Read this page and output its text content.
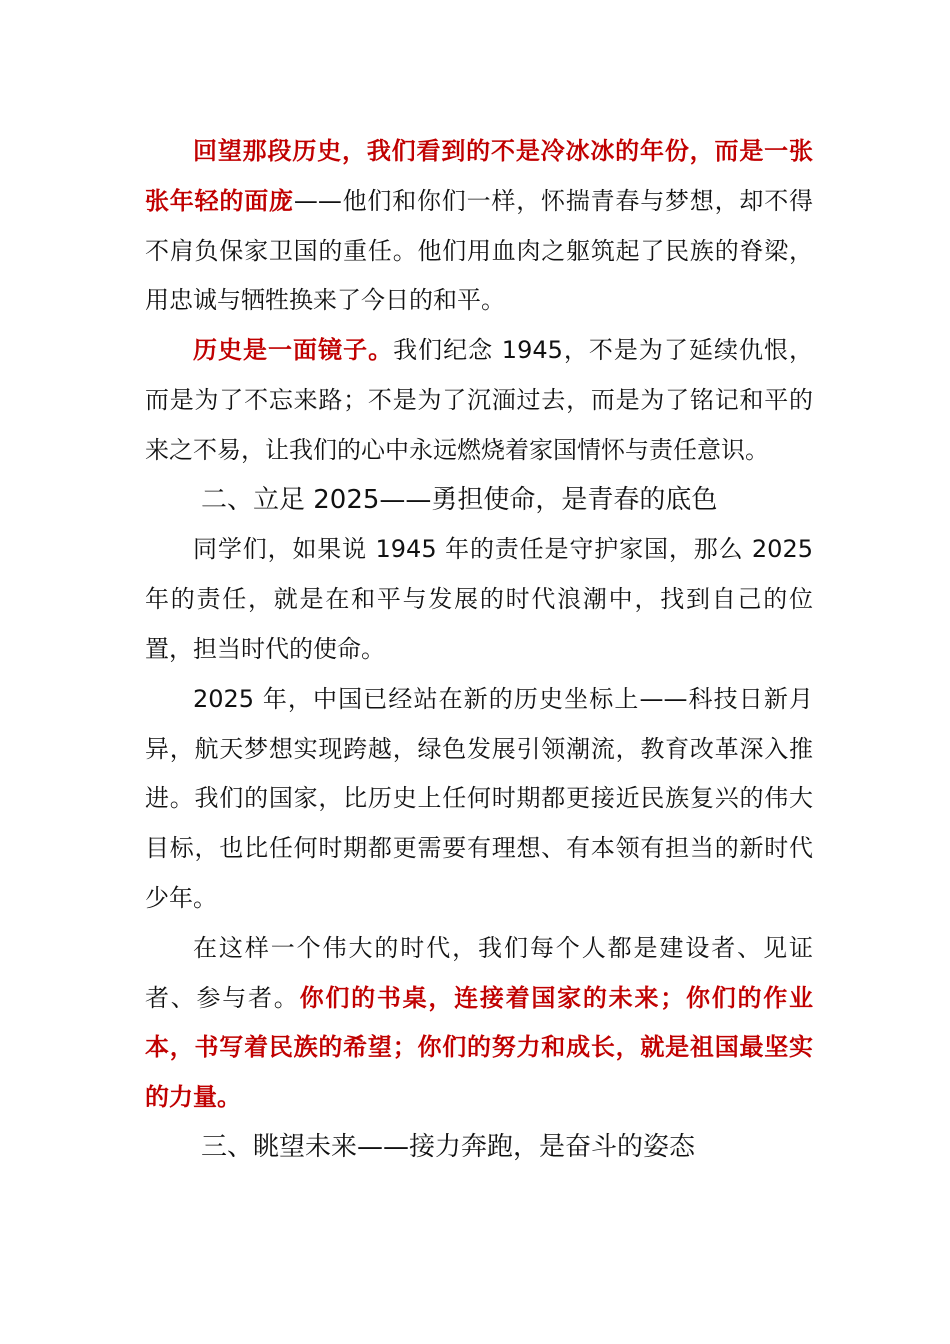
回望那段历史，我们看到的不是冷冰冰的年份，而是一张张年轻的面庞——他们和你们一样，怀揣青春与梦想，却不得不肩负保家卫国的重任。他们用血肉之躯筑起了民族的脊梁，用忠诚与牺牲换来了今日的和平。

历史是一面镜子。我们纪念 1945，不是为了延续仇恨，而是为了不忘来路；不是为了沉湎过去，而是为了铭记和平的来之不易，让我们的心中永远燃烧着家国情怀与责任意识。

二、立足 2025——勇担使命，是青春的底色

同学们，如果说 1945 年的责任是守护家国，那么 2025 年的责任，就是在和平与发展的时代浪潮中，找到自己的位置，担当时代的使命。

2025 年，中国已经站在新的历史坐标上——科技日新月异，航天梦想实现跨越，绿色发展引领潮流，教育改革深入推进。我们的国家，比历史上任何时期都更接近民族复兴的伟大目标，也比任何时期都更需要有理想、有本领有担当的新时代少年。

在这样一个伟大的时代，我们每个人都是建设者、见证者、参与者。你们的书桌，连接着国家的未来；你们的作业本，书写着民族的希望；你们的努力和成长，就是祖国最坚实的力量。

三、眺望未来——接力奔跑，是奋斗的姿态
